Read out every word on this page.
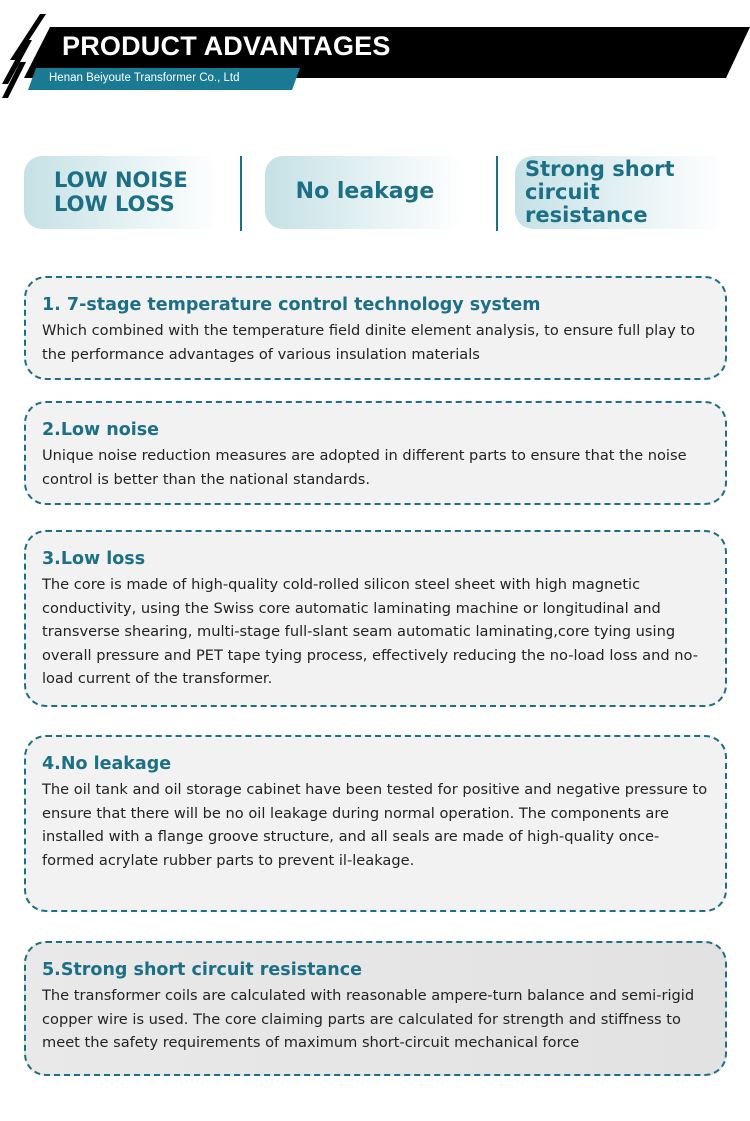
PRODUCT ADVANTAGES
Henan Beiyoute Transformer Co., Ltd
LOW NOISE
LOW LOSS	No leakage
Strong short
circuit resistance
1. 7-stage temperature control technology system
Which combined with the temperature field dinite element analysis, to ensure full play to the performance advantages of various insulation materials
2.Low noise
Unique noise reduction measures are adopted in different parts to ensure that the noise control is better than the national standards.
3.Low loss
The core is made of high-quality cold-rolled silicon steel sheet with high magnetic conductivity, using the Swiss core automatic laminating machine or longitudinal and transverse shearing, multi-stage full-slant seam automatic laminating,core tying using overall pressure and PET tape tying process, effectively reducing the no-load loss and no-load current of the transformer.
4.No leakage
The oil tank and oil storage cabinet have been tested for positive and negative pressure to ensure that there will be no oil leakage during normal operation. The components are installed with a flange groove structure, and all seals are made of high-quality once-formed acrylate rubber parts to prevent il-leakage.
5.Strong short circuit resistance
The transformer coils are calculated with reasonable ampere-turn balance and semi-rigid copper wire is used. The core claiming parts are calculated for strength and stiffness to meet the safety requirements of maximum short-circuit mechanical force
